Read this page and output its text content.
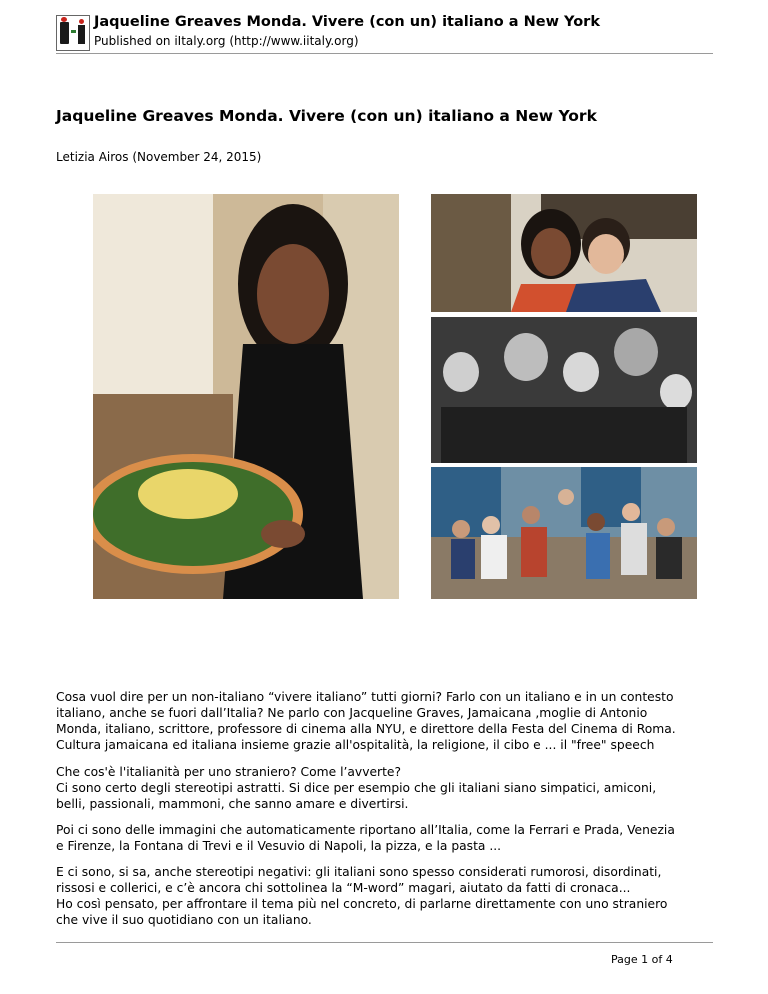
Jaqueline Greaves Monda. Vivere (con un) italiano a New York
Published on iItaly.org (http://www.iitaly.org)
Jaqueline Greaves Monda. Vivere (con un) italiano a New York
Letizia Airos (November 24, 2015)

Cosa vuol dire per un non-italiano “vivere italiano” tutti giorni? Farlo con un italiano e in un contesto

italiano, anche se fuori dall’Italia? Ne parlo con Jacqueline Graves, Jamaicana ,moglie di Antonio

Monda, italiano, scrittore, professore di cinema alla NYU, e direttore della Festa del Cinema di Roma.

Cultura jamaicana ed italiana insieme grazie all'ospitalità, la religione, il cibo e ... il "free" speech

Che cos'è l'italianità per uno straniero? Come l’avverte?

Ci sono certo degli stereotipi astratti. Si dice per esempio che gli italiani siano simpatici, amiconi,

belli, passionali, mammoni, che sanno amare e divertirsi.

Poi ci sono delle immagini che automaticamente riportano all’Italia, come la Ferrari e Prada, Venezia

e Firenze, la Fontana di Trevi e il Vesuvio di Napoli, la pizza, e la pasta ...

E ci sono, si sa, anche stereotipi negativi: gli italiani sono spesso considerati rumorosi, disordinati,

rissosi e collerici, e c’è ancora chi sottolinea la “M-word” magari, aiutato da fatti di cronaca...

Ho così pensato, per affrontare il tema più nel concreto, di parlarne direttamente con uno straniero

che vive il suo quotidiano con un italiano.

Page 1 of 4
